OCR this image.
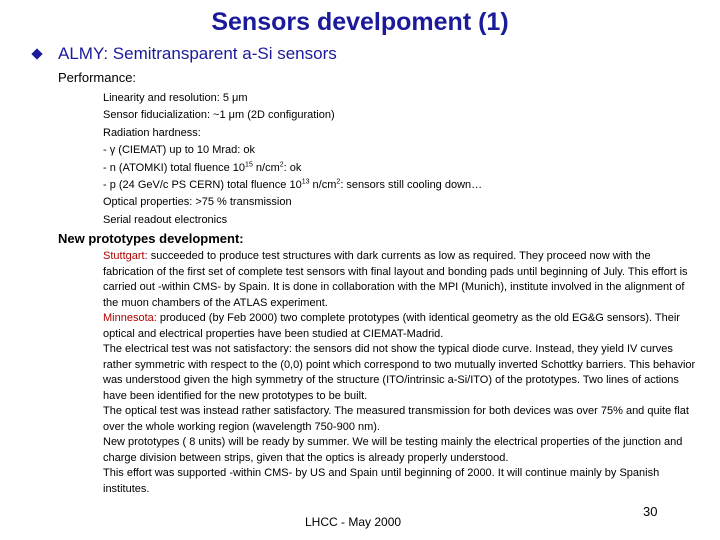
Sensors develpoment (1)
ALMY: Semitransparent a-Si sensors
Performance:
Linearity and resolution: 5 μm
Sensor fiducialization: ~1 μm (2D configuration)
Radiation hardness:
- γ (CIEMAT) up to 10 Mrad: ok
- n (ATOMKI) total fluence $10^{15}$ $n/cm^2$: ok
- p (24 GeV/c PS CERN) total fluence $10^{13}$ $n/cm^2$: sensors still cooling down…
Optical properties: >75 % transmission
Serial readout electronics
New prototypes development:

Stuttgart: succeeded to produce test structures with dark currents as low as required. They proceed now with the fabrication of the first set of complete test sensors with final layout and bonding pads until beginning of July. This effort is carried out -within CMS- by Spain. It is done in collaboration with the MPI (Munich), institute involved in the alignment of the muon chambers of the ATLAS experiment.

Minnesota: produced (by Feb 2000) two complete prototypes (with identical geometry as the old EG&G sensors). Their optical and electrical properties have been studied at CIEMAT-Madrid.

The electrical test was not satisfactory: the sensors did not show the typical diode curve. Instead, they yield IV curves rather symmetric with respect to the (0,0) point which correspond to two mutually inverted Schottky barriers. This behavior was understood given the high symmetry of the structure (ITO/intrinsic a-Si/ITO) of the prototypes. Two lines of actions have been identified for the new prototypes to be built.

The optical test was instead rather satisfactory. The measured transmission for both devices was over 75% and quite flat over the whole working region (wavelength 750-900 nm).

New prototypes ( 8 units) will be ready by summer. We will be testing mainly the electrical properties of the junction and charge division between strips, given that the optics is already properly understood.

This effort was supported -within CMS- by US and Spain until beginning of 2000. It will continue mainly by Spanish institutes.

LHCC - May 2000
30
